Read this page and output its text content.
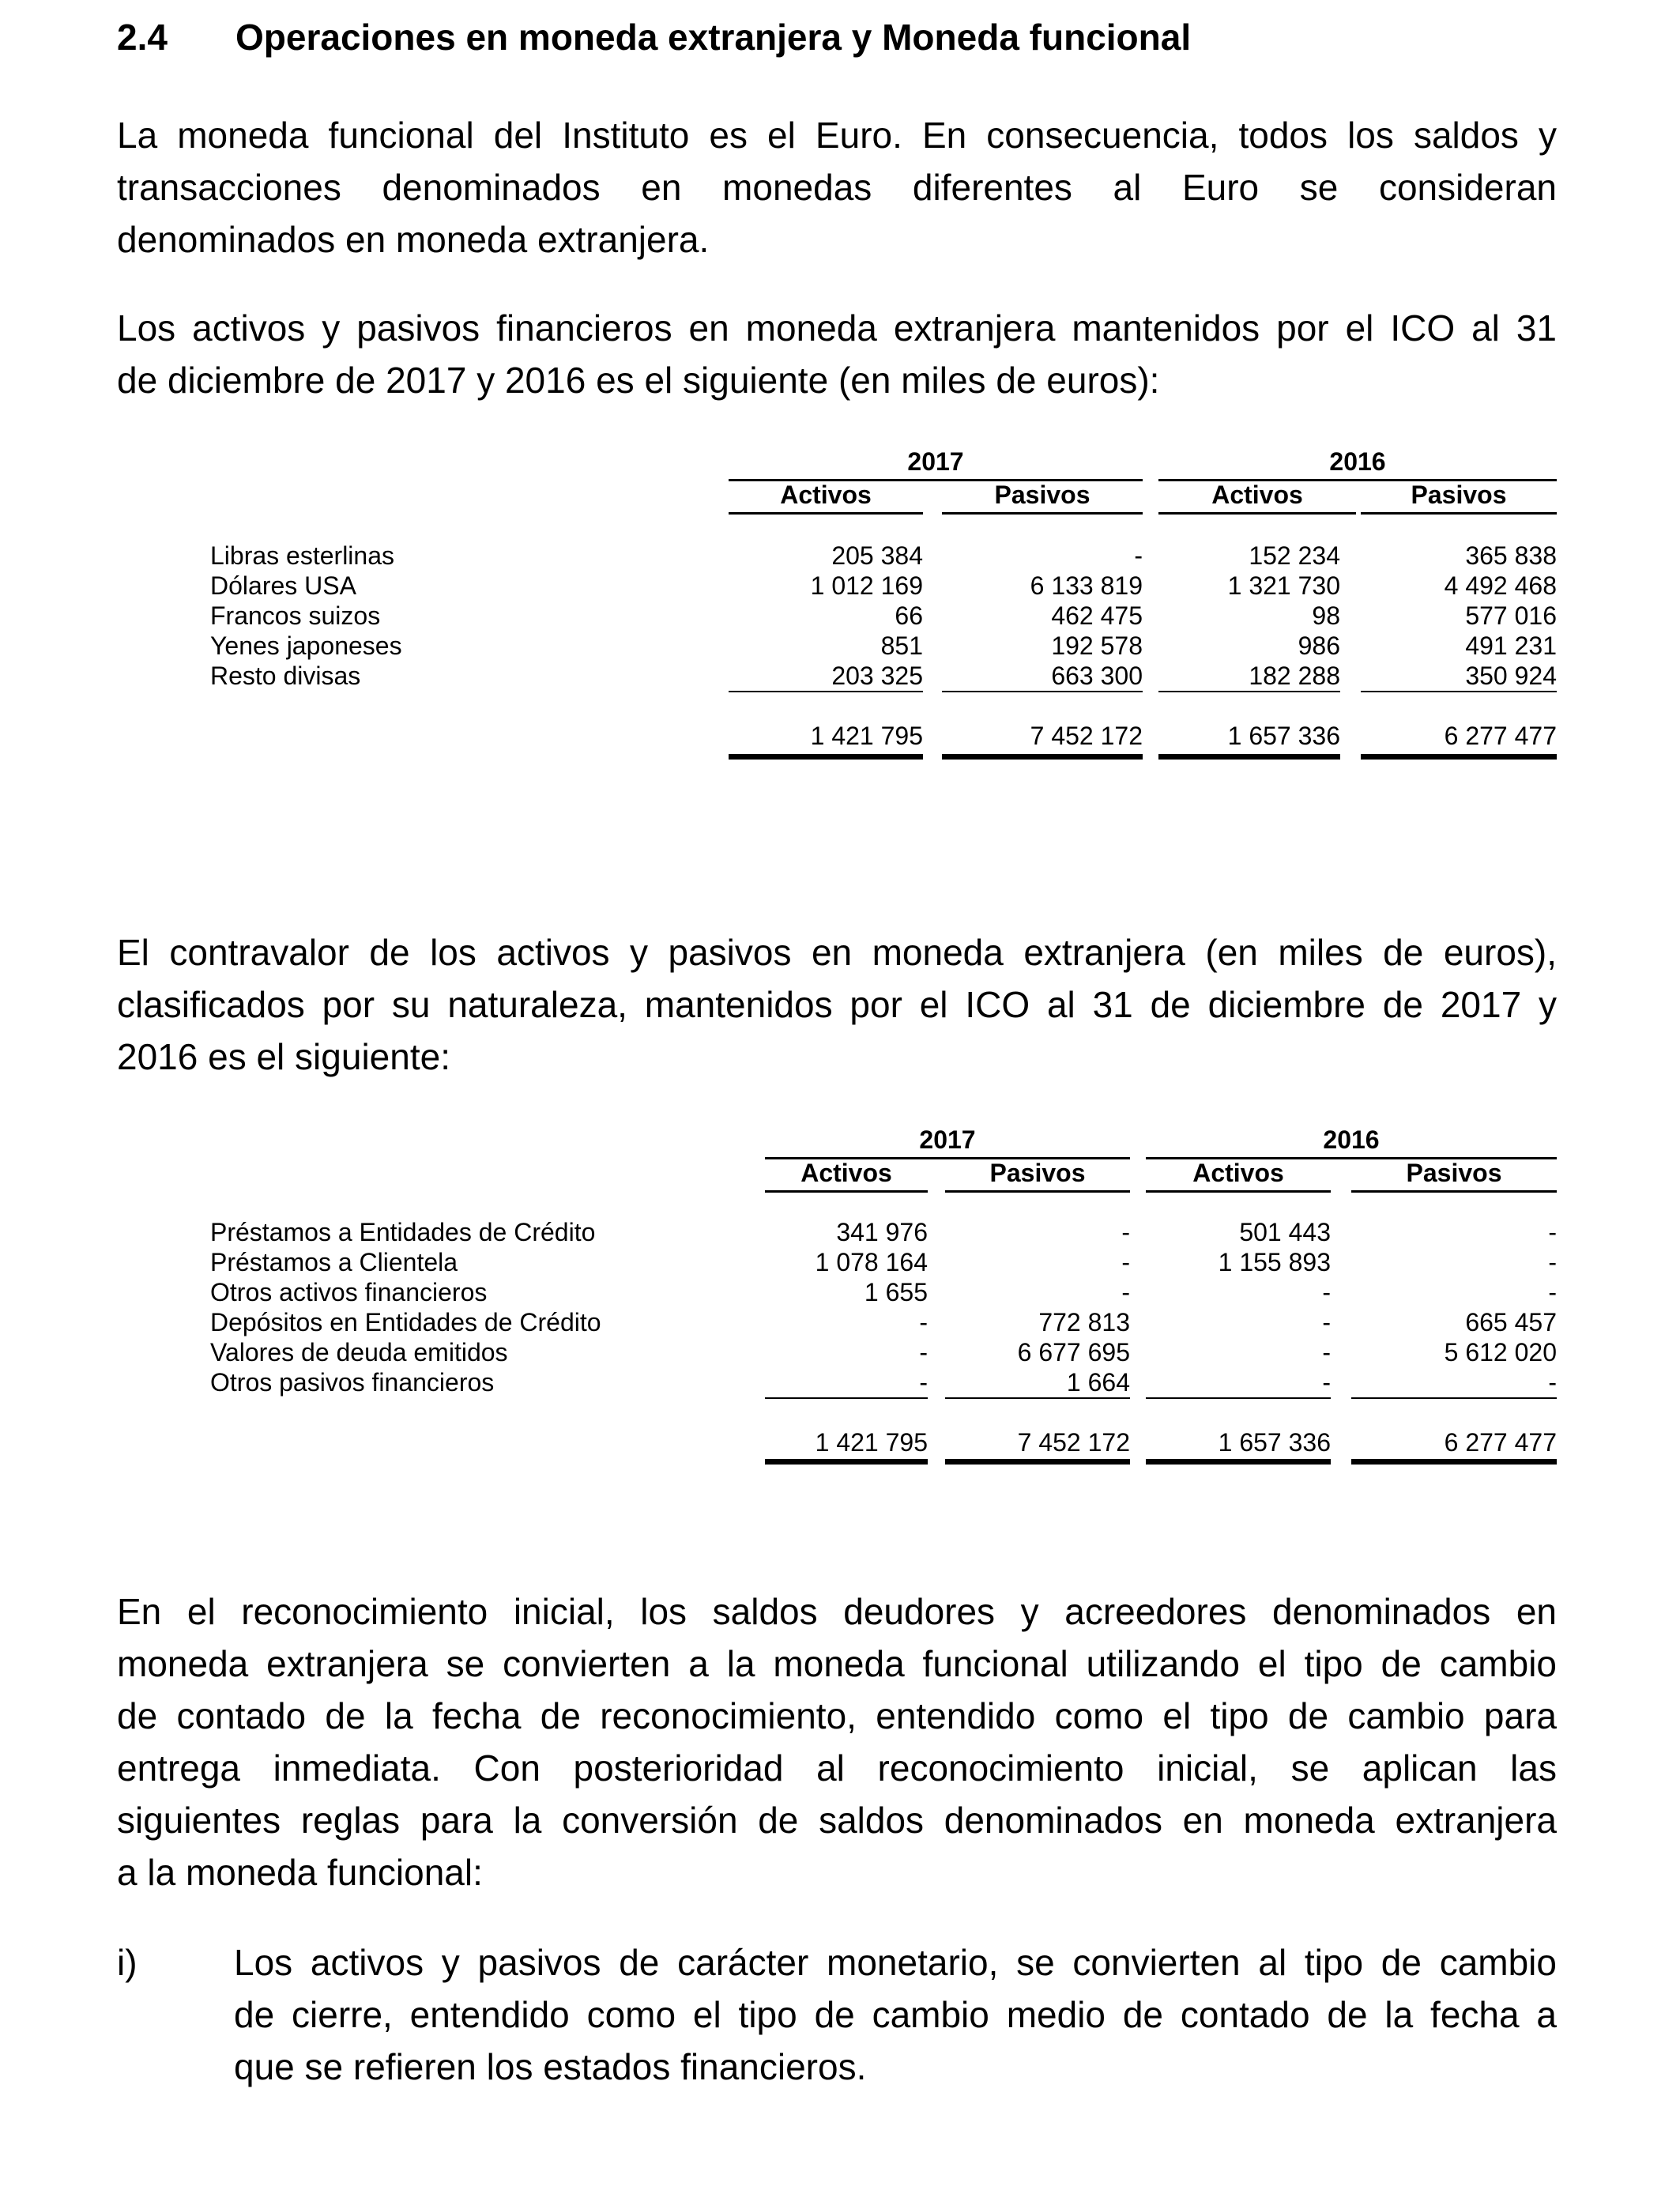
2.4 Operaciones en moneda extranjera y Moneda funcional
La moneda funcional del Instituto es el Euro. En consecuencia, todos los saldos y
transacciones denominados en monedas diferentes al Euro se consideran
denominados en moneda extranjera.
Los activos y pasivos financieros en moneda extranjera mantenidos por el ICO al 31
de diciembre de 2017 y 2016 es el siguiente (en miles de euros):
2017	2016
Activos	Pasivos	Activos	Pasivos
Libras esterlinas	205 384	-	152 234	365 838
Dólares USA	1 012 169	6 133 819	1 321 730	4 492 468
Francos suizos	66	462 475	98	577 016
Yenes japoneses	851	192 578	986	491 231
Resto divisas	203 325	663 300	182 288	350 924
1 421 795	7 452 172	1 657 336	6 277 477
El contravalor de los activos y pasivos en moneda extranjera (en miles de euros),
clasificados por su naturaleza, mantenidos por el ICO al 31 de diciembre de 2017 y
2016 es el siguiente:
2017	2016
Activos	Pasivos	Activos	Pasivos
Préstamos a Entidades de Crédito	341 976	-	501 443	-
Préstamos a Clientela	1 078 164	-	1 155 893	-
Otros activos financieros	1 655	-	-	-
Depósitos en Entidades de Crédito	-	772 813	-	665 457
Valores de deuda emitidos	-	6 677 695	-	5 612 020
Otros pasivos financieros	-	1 664	-	-
1 421 795	7 452 172	1 657 336	6 277 477
En el reconocimiento inicial, los saldos deudores y acreedores denominados en
moneda extranjera se convierten a la moneda funcional utilizando el tipo de cambio
de contado de la fecha de reconocimiento, entendido como el tipo de cambio para
entrega inmediata. Con posterioridad al reconocimiento inicial, se aplican las
siguientes reglas para la conversión de saldos denominados en moneda extranjera
a la moneda funcional:
i)	Los activos y pasivos de carácter monetario, se convierten al tipo de cambio
de cierre, entendido como el tipo de cambio medio de contado de la fecha a
que se refieren los estados financieros.
